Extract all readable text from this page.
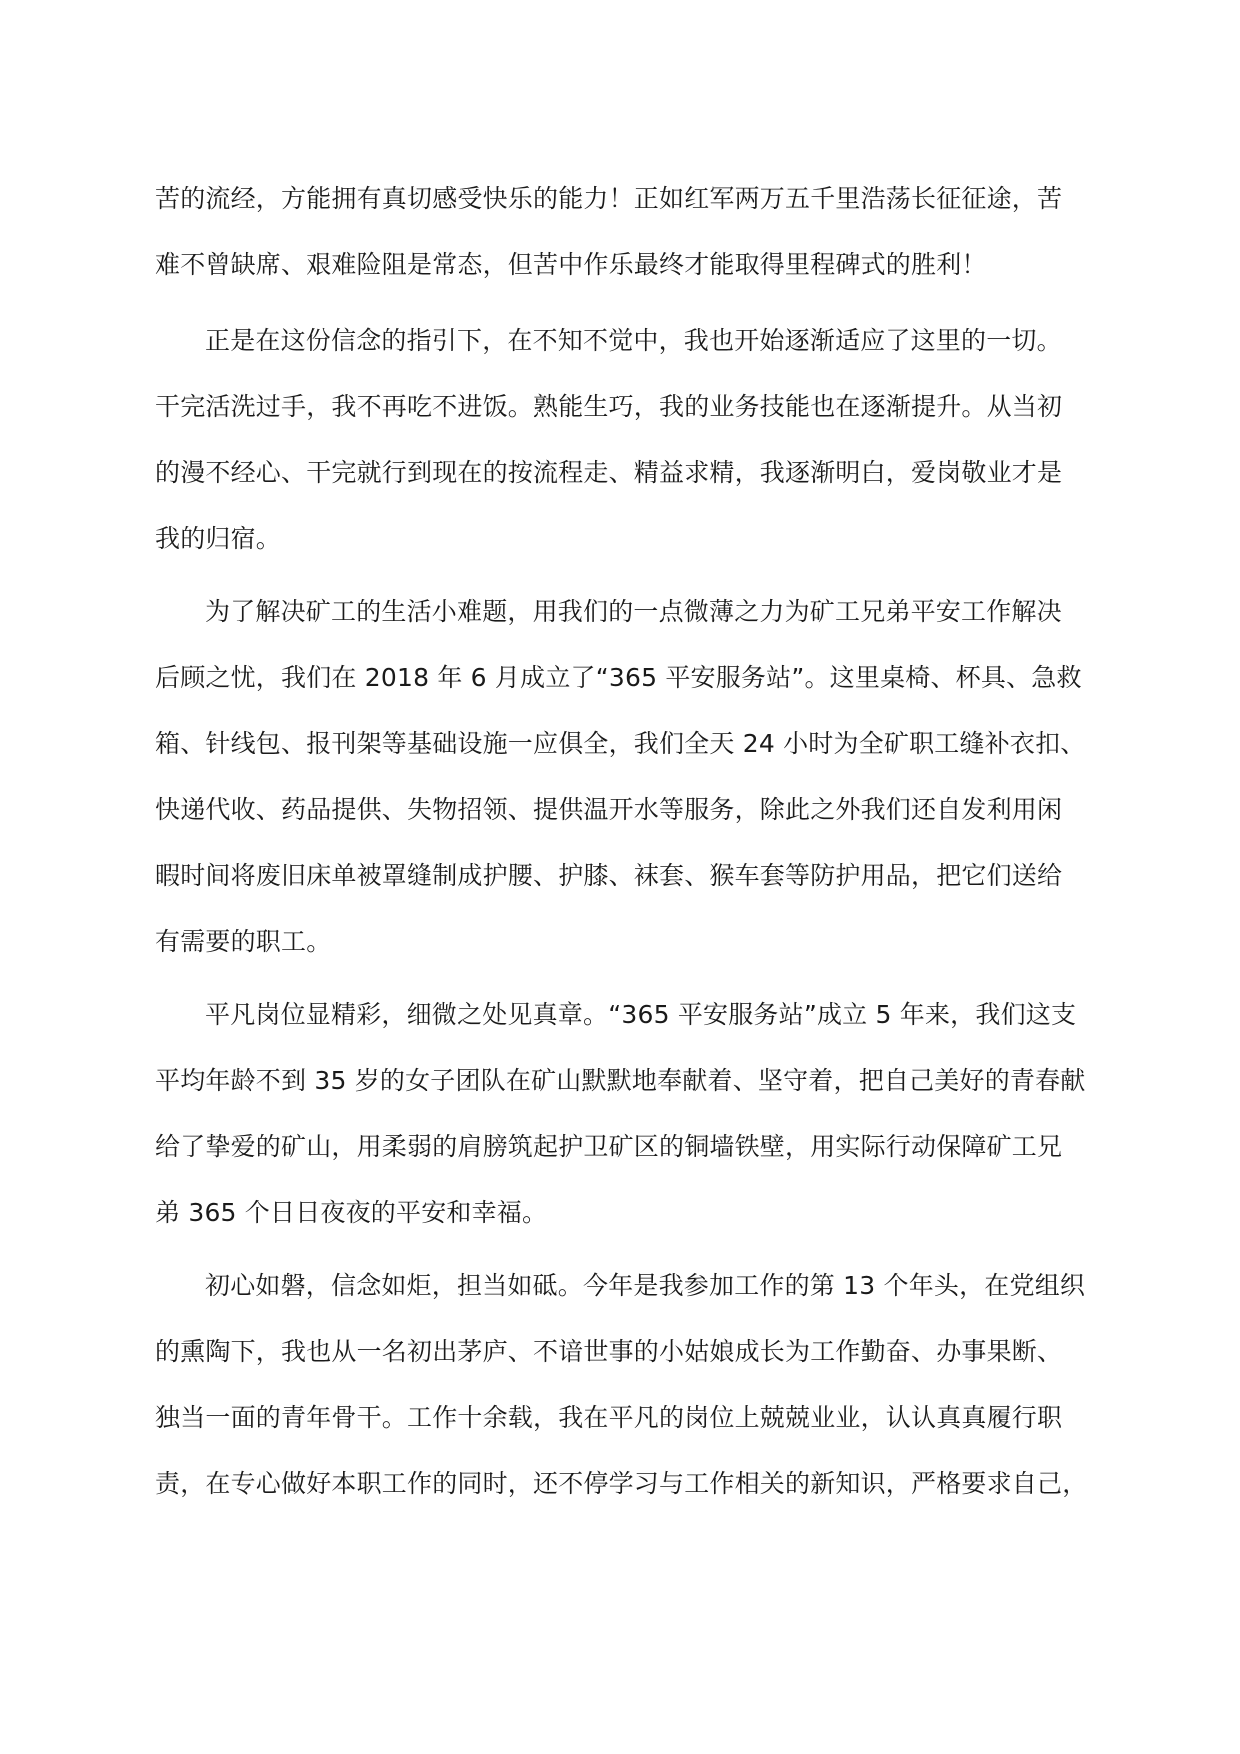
苦的流经，方能拥有真切感受快乐的能力！正如红军两万五千里浩荡长征征途，苦
难不曾缺席、艰难险阻是常态，但苦中作乐最终才能取得里程碑式的胜利！
正是在这份信念的指引下，在不知不觉中，我也开始逐渐适应了这里的一切。
干完活洗过手，我不再吃不进饭。熟能生巧，我的业务技能也在逐渐提升。从当初
的漫不经心、干完就行到现在的按流程走、精益求精，我逐渐明白，爱岗敬业才是
我的归宿。
为了解决矿工的生活小难题，用我们的一点微薄之力为矿工兄弟平安工作解决
后顾之忧，我们在 2018 年 6 月成立了“365 平安服务站”。这里桌椅、杯具、急救
箱、针线包、报刊架等基础设施一应俱全，我们全天 24 小时为全矿职工缝补衣扣、
快递代收、药品提供、失物招领、提供温开水等服务，除此之外我们还自发利用闲
暇时间将废旧床单被罩缝制成护腰、护膝、袜套、猴车套等防护用品，把它们送给
有需要的职工。
平凡岗位显精彩，细微之处见真章。“365 平安服务站”成立 5 年来，我们这支
平均年龄不到 35 岁的女子团队在矿山默默地奉献着、坚守着，把自己美好的青春献
给了挚爱的矿山，用柔弱的肩膀筑起护卫矿区的铜墙铁壁，用实际行动保障矿工兄
弟 365 个日日夜夜的平安和幸福。
初心如磐，信念如炬，担当如砥。今年是我参加工作的第 13 个年头，在党组织
的熏陶下，我也从一名初出茅庐、不谙世事的小姑娘成长为工作勤奋、办事果断、
独当一面的青年骨干。工作十余载，我在平凡的岗位上兢兢业业，认认真真履行职
责，在专心做好本职工作的同时，还不停学习与工作相关的新知识，严格要求自己，
